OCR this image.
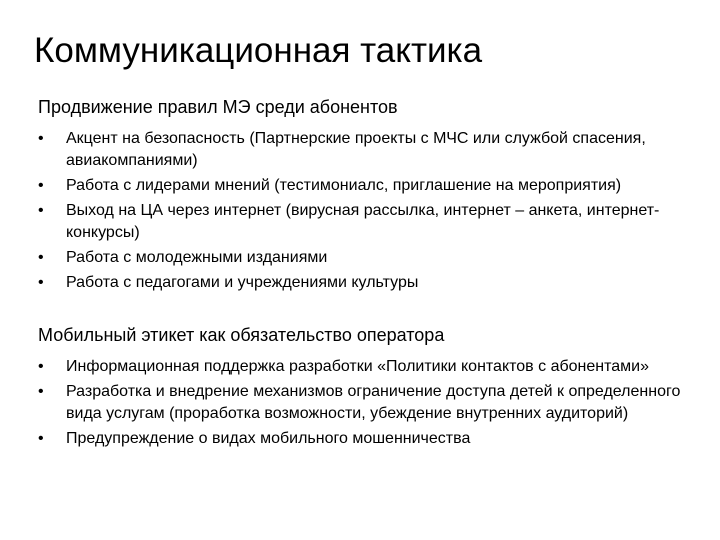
Коммуникационная тактика
Продвижение правил МЭ среди абонентов
•	Акцент на безопасность (Партнерские проекты с МЧС или службой спасения, авиакомпаниями)
•	Работа с лидерами мнений (тестимониалс, приглашение на мероприятия)
•	Выход на ЦА через интернет (вирусная рассылка, интернет – анкета, интернет-конкурсы)
•	Работа с молодежными изданиями
•	Работа с педагогами и учреждениями культуры
Мобильный этикет как обязательство оператора
•	Информационная поддержка разработки «Политики контактов с абонентами»
•	Разработка и внедрение механизмов ограничение доступа детей к определенного вида услугам (проработка возможности, убеждение внутренних аудиторий)
•	Предупреждение о видах мобильного мошенничества
